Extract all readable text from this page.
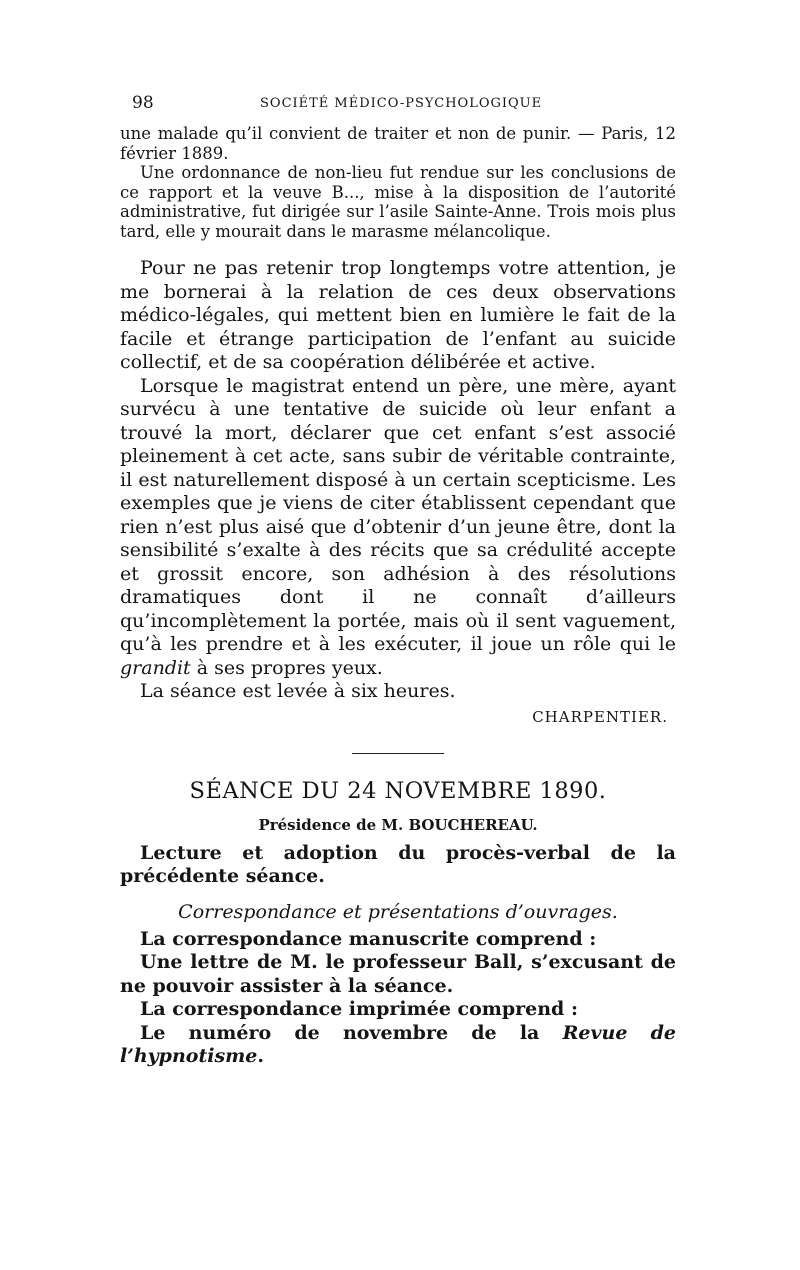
98	SOCIÉTÉ MÉDICO-PSYCHOLOGIQUE

une malade qu’il convient de traiter et non de punir. — Paris, 12 février 1889.

Une ordonnance de non-lieu fut rendue sur les conclusions de ce rapport et la veuve B..., mise à la disposition de l’autorité administrative, fut dirigée sur l’asile Sainte-Anne. Trois mois plus tard, elle y mourait dans le marasme mélancolique.

Pour ne pas retenir trop longtemps votre attention, je me bornerai à la relation de ces deux observations médico-légales, qui mettent bien en lumière le fait de la facile et étrange participation de l’enfant au suicide collectif, et de sa coopération délibérée et active.

Lorsque le magistrat entend un père, une mère, ayant survécu à une tentative de suicide où leur enfant a trouvé la mort, déclarer que cet enfant s’est associé pleinement à cet acte, sans subir de véritable contrainte, il est naturellement disposé à un certain scepticisme. Les exemples que je viens de citer établissent cependant que rien n’est plus aisé que d’obtenir d’un jeune être, dont la sensibilité s’exalte à des récits que sa crédulité accepte et grossit encore, son adhésion à des résolutions dramatiques dont il ne connaît d’ailleurs qu’incomplètement la portée, mais où il sent vaguement, qu’à les prendre et à les exécuter, il joue un rôle qui le grandit à ses propres yeux.

La séance est levée à six heures.

CHARPENTIER.
SÉANCE DU 24 NOVEMBRE 1890.
Présidence de M. BOUCHEREAU.

Lecture et adoption du procès-verbal de la précédente séance.

Correspondance et présentations d’ouvrages.

La correspondance manuscrite comprend :

Une lettre de M. le professeur Ball, s’excusant de ne pouvoir assister à la séance.

La correspondance imprimée comprend :

Le numéro de novembre de la Revue de l’hypnotisme.
